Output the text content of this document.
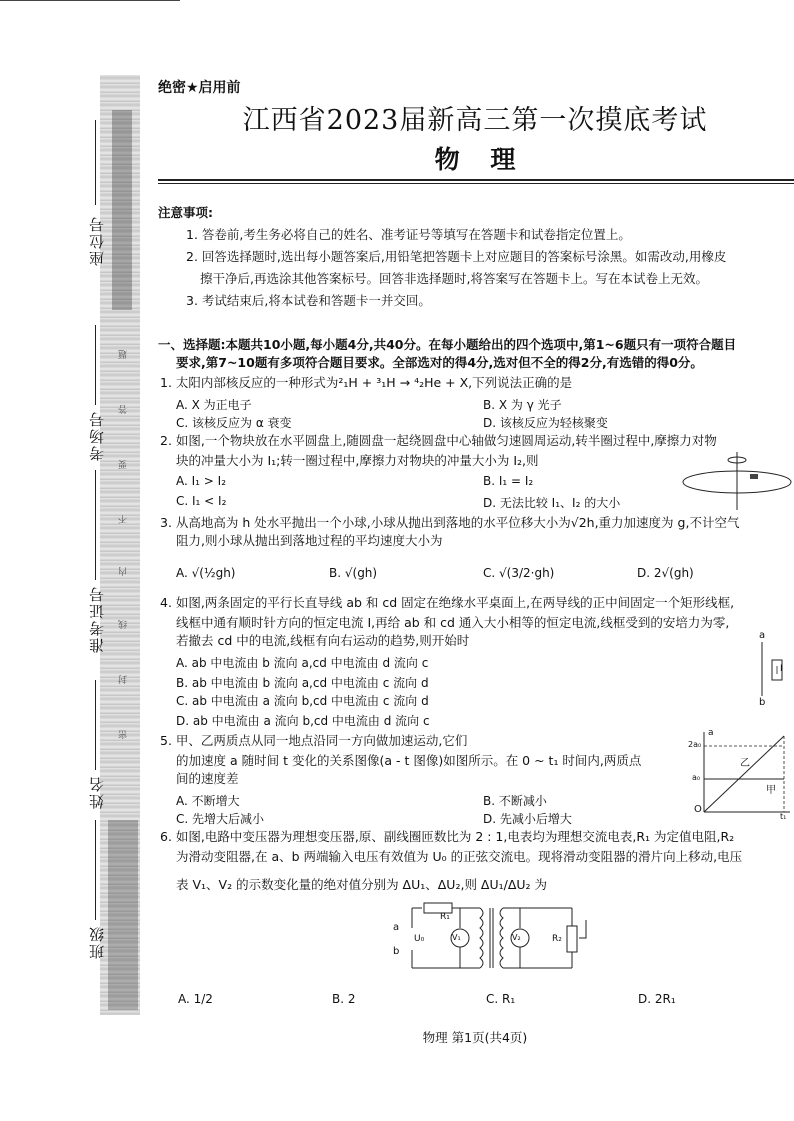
座位号
考场号
准考证号
姓名
班级
题
答
要
不
内
线
封
密
绝密★启用前
江西省2023届新高三第一次摸底考试
物 理
注意事项:
1. 答卷前,考生务必将自己的姓名、准考证号等填写在答题卡和试卷指定位置上。
2. 回答选择题时,选出每小题答案后,用铅笔把答题卡上对应题目的答案标号涂黑。如需改动,用橡皮
擦干净后,再选涂其他答案标号。回答非选择题时,将答案写在答题卡上。写在本试卷上无效。
3. 考试结束后,将本试卷和答题卡一并交回。
一、选择题:本题共10小题,每小题4分,共40分。在每小题给出的四个选项中,第1~6题只有一项符合题目
要求,第7~10题有多项符合题目要求。全部选对的得4分,选对但不全的得2分,有选错的得0分。
1. 太阳内部核反应的一种形式为²₁H + ³₁H → ⁴₂He + X,下列说法正确的是
A. X 为正电子	B. X 为 γ 光子
C. 该核反应为 α 衰变	D. 该核反应为轻核聚变
2. 如图,一个物块放在水平圆盘上,随圆盘一起绕圆盘中心轴做匀速圆周运动,转半圈过程中,摩擦力对物
块的冲量大小为 I₁;转一圈过程中,摩擦力对物块的冲量大小为 I₂,则
A. I₁ > I₂	B. I₁ = I₂
C. I₁ < I₂	D. 无法比较 I₁、I₂ 的大小
3. 从高地高为 h 处水平抛出一个小球,小球从抛出到落地的水平位移大小为√2h,重力加速度为 g,不计空气
阻力,则小球从抛出到落地过程的平均速度大小为
A. √(½gh)	B. √(gh)	C. √(3/2·gh)	D. 2√(gh)
4. 如图,两条固定的平行长直导线 ab 和 cd 固定在绝缘水平桌面上,在两导线的正中间固定一个矩形线框,
线框中通有顺时针方向的恒定电流 I,再给 ab 和 cd 通入大小相等的恒定电流,线框受到的安培力为零,
若撤去 cd 中的电流,线框有向右运动的趋势,则开始时
A. ab 中电流由 b 流向 a,cd 中电流由 d 流向 c
B. ab 中电流由 b 流向 a,cd 中电流由 c 流向 d
C. ab 中电流由 a 流向 b,cd 中电流由 c 流向 d
D. ab 中电流由 a 流向 b,cd 中电流由 d 流向 c
a
b
I
5. 甲、乙两质点从同一地点沿同一方向做加速运动,它们
的加速度 a 随时间 t 变化的关系图像(a - t 图像)如图所示。在 0 ~ t₁ 时间内,两质点
间的速度差
A. 不断增大	B. 不断减小
C. 先增大后减小	D. 先减小后增大
a
2a₀
a₀
乙
甲
O
t₁
6. 如图,电路中变压器为理想变压器,原、副线圈匝数比为 2 : 1,电表均为理想交流电表,R₁ 为定值电阻,R₂
为滑动变阻器,在 a、b 两端输入电压有效值为 U₀ 的正弦交流电。现将滑动变阻器的滑片向上移动,电压
表 V₁、V₂ 的示数变化量的绝对值分别为 ΔU₁、ΔU₂,则 ΔU₁/ΔU₂ 为
a
b
U₀
R₁
V₁	V₂	R₂
A. 1/2	B. 2	C. R₁	D. 2R₁
物理 第1页(共4页)
